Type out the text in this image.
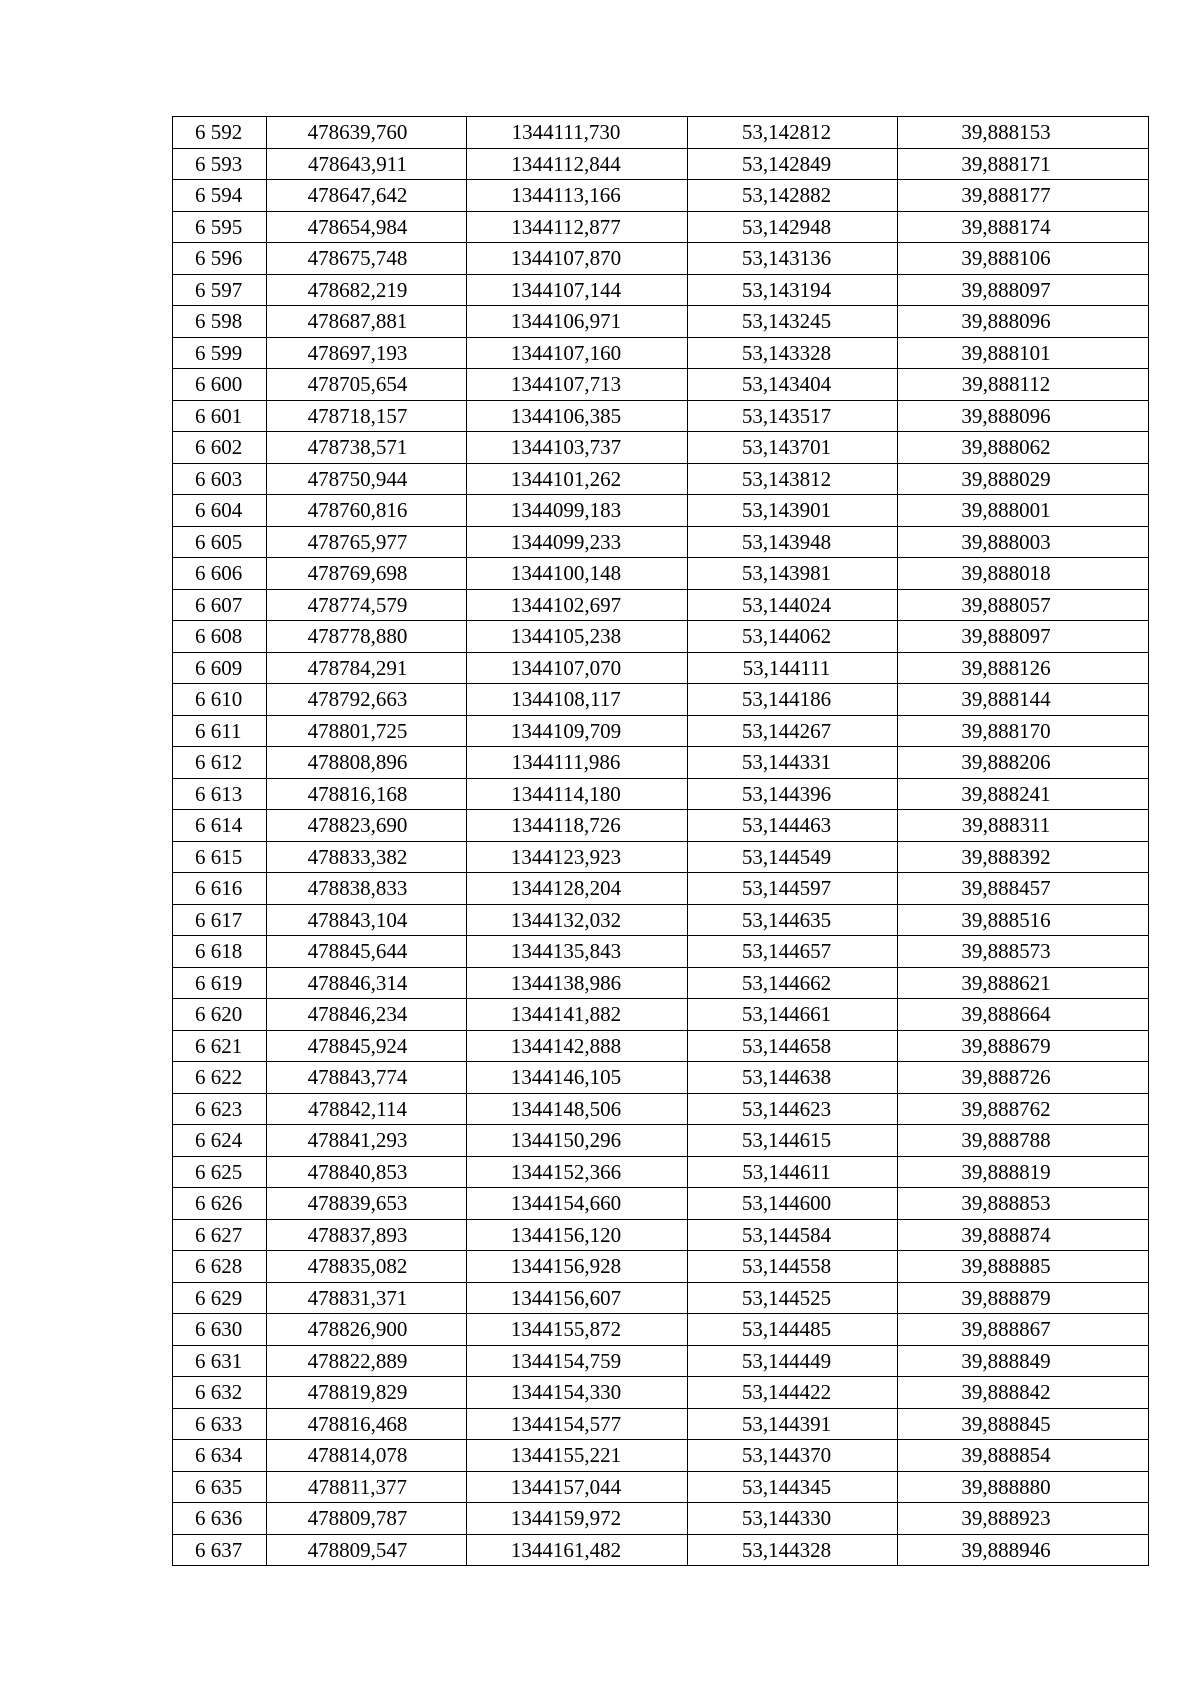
6 592	478639,760	1344111,730	53,142812	39,888153
6 593	478643,911	1344112,844	53,142849	39,888171
6 594	478647,642	1344113,166	53,142882	39,888177
6 595	478654,984	1344112,877	53,142948	39,888174
6 596	478675,748	1344107,870	53,143136	39,888106
6 597	478682,219	1344107,144	53,143194	39,888097
6 598	478687,881	1344106,971	53,143245	39,888096
6 599	478697,193	1344107,160	53,143328	39,888101
6 600	478705,654	1344107,713	53,143404	39,888112
6 601	478718,157	1344106,385	53,143517	39,888096
6 602	478738,571	1344103,737	53,143701	39,888062
6 603	478750,944	1344101,262	53,143812	39,888029
6 604	478760,816	1344099,183	53,143901	39,888001
6 605	478765,977	1344099,233	53,143948	39,888003
6 606	478769,698	1344100,148	53,143981	39,888018
6 607	478774,579	1344102,697	53,144024	39,888057
6 608	478778,880	1344105,238	53,144062	39,888097
6 609	478784,291	1344107,070	53,144111	39,888126
6 610	478792,663	1344108,117	53,144186	39,888144
6 611	478801,725	1344109,709	53,144267	39,888170
6 612	478808,896	1344111,986	53,144331	39,888206
6 613	478816,168	1344114,180	53,144396	39,888241
6 614	478823,690	1344118,726	53,144463	39,888311
6 615	478833,382	1344123,923	53,144549	39,888392
6 616	478838,833	1344128,204	53,144597	39,888457
6 617	478843,104	1344132,032	53,144635	39,888516
6 618	478845,644	1344135,843	53,144657	39,888573
6 619	478846,314	1344138,986	53,144662	39,888621
6 620	478846,234	1344141,882	53,144661	39,888664
6 621	478845,924	1344142,888	53,144658	39,888679
6 622	478843,774	1344146,105	53,144638	39,888726
6 623	478842,114	1344148,506	53,144623	39,888762
6 624	478841,293	1344150,296	53,144615	39,888788
6 625	478840,853	1344152,366	53,144611	39,888819
6 626	478839,653	1344154,660	53,144600	39,888853
6 627	478837,893	1344156,120	53,144584	39,888874
6 628	478835,082	1344156,928	53,144558	39,888885
6 629	478831,371	1344156,607	53,144525	39,888879
6 630	478826,900	1344155,872	53,144485	39,888867
6 631	478822,889	1344154,759	53,144449	39,888849
6 632	478819,829	1344154,330	53,144422	39,888842
6 633	478816,468	1344154,577	53,144391	39,888845
6 634	478814,078	1344155,221	53,144370	39,888854
6 635	478811,377	1344157,044	53,144345	39,888880
6 636	478809,787	1344159,972	53,144330	39,888923
6 637	478809,547	1344161,482	53,144328	39,888946
